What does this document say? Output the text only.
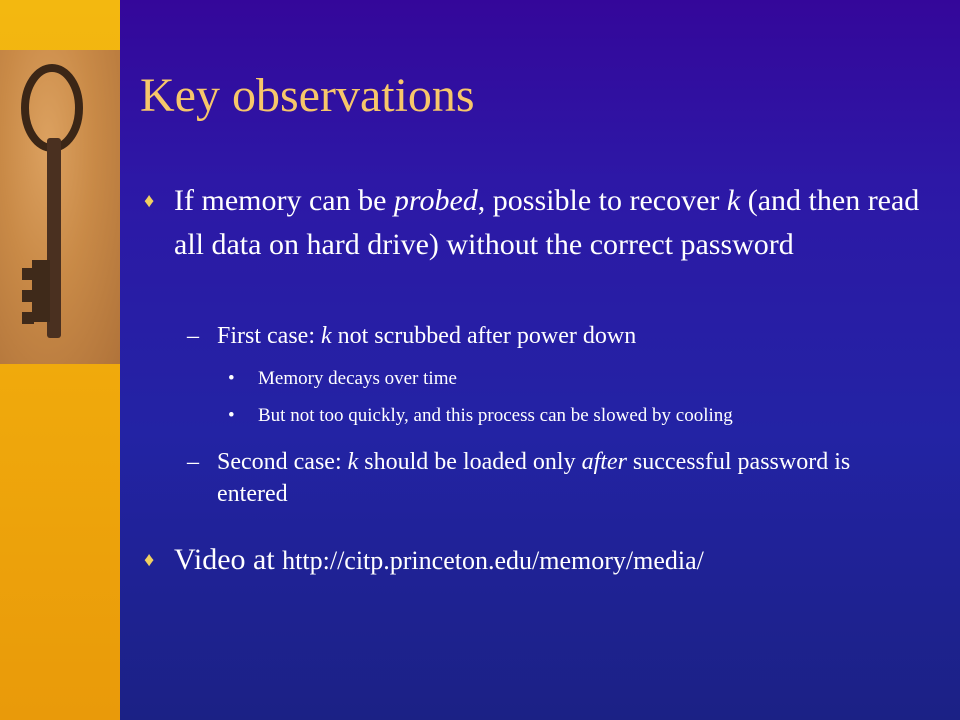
Key observations
♦ If memory can be probed, possible to recover k (and then read all data on hard drive) without the correct password
– First case: k not scrubbed after power down
•	Memory decays over time
•	But not too quickly, and this process can be slowed by cooling
– Second case: k should be loaded only after successful password is entered
♦ Video at http://citp.princeton.edu/memory/media/
